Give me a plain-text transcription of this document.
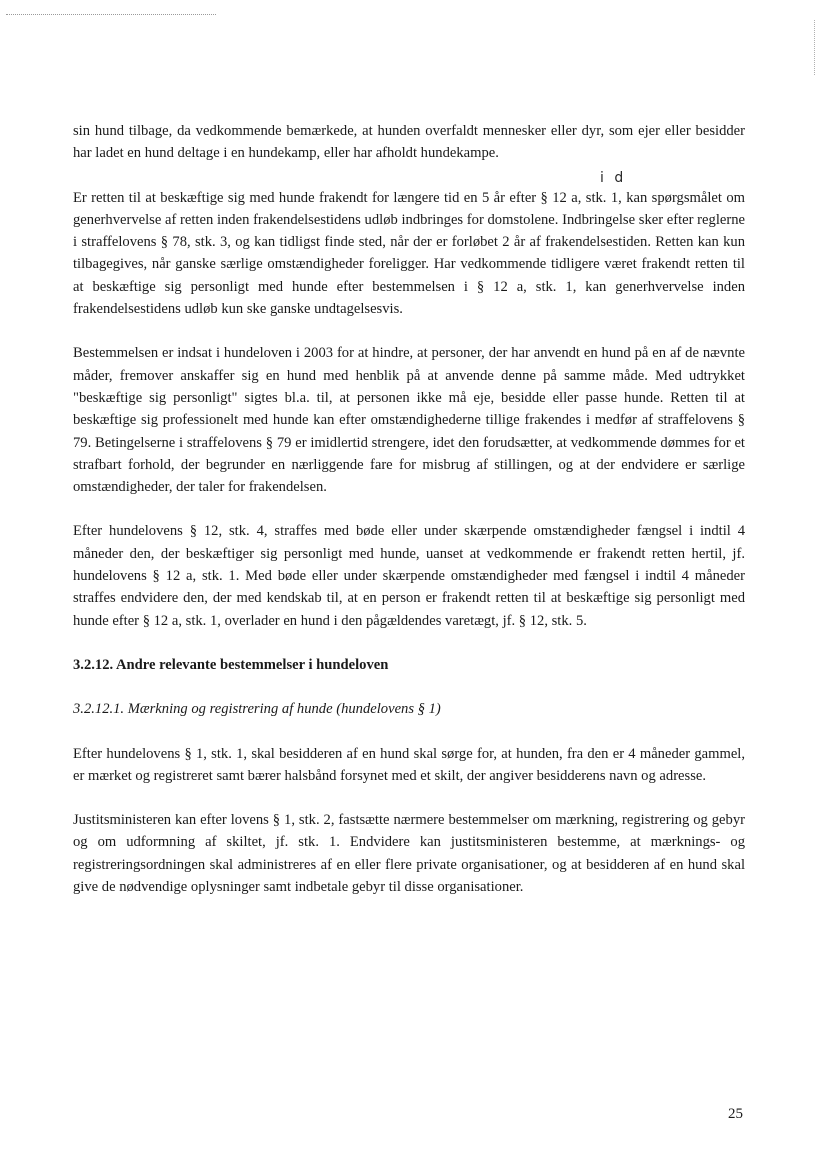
i d

sin hund tilbage, da vedkommende bemærkede, at hunden overfaldt mennesker eller dyr, som ejer eller besidder har ladet en hund deltage i en hundekamp, eller har afholdt hundekampe.

Er retten til at beskæftige sig med hunde frakendt for længere tid en 5 år efter § 12 a, stk. 1, kan spørgsmålet om generhvervelse af retten inden frakendelsestidens udløb indbringes for domstolene. Indbringelse sker efter reglerne i straffelovens § 78, stk. 3, og kan tidligst finde sted, når der er forløbet 2 år af frakendelsestiden. Retten kan kun tilbagegives, når ganske særlige omstændigheder foreligger. Har vedkommende tidligere været frakendt retten til at beskæftige sig personligt med hunde efter bestemmelsen i § 12 a, stk. 1, kan generhvervelse inden frakendelsestidens udløb kun ske ganske undtagelsesvis.

Bestemmelsen er indsat i hundeloven i 2003 for at hindre, at personer, der har anvendt en hund på en af de nævnte måder, fremover anskaffer sig en hund med henblik på at anvende denne på samme måde. Med udtrykket "beskæftige sig personligt" sigtes bl.a. til, at personen ikke må eje, besidde eller passe hunde. Retten til at beskæftige sig professionelt med hunde kan efter omstændighederne tillige frakendes i medfør af straffelovens § 79. Betingelserne i straffelovens § 79 er imidlertid strengere, idet den forudsætter, at vedkommende dømmes for et strafbart forhold, der begrunder en nærliggende fare for misbrug af stillingen, og at der endvidere er særlige omstændigheder, der taler for frakendelsen.

Efter hundelovens § 12, stk. 4, straffes med bøde eller under skærpende omstændigheder fængsel i indtil 4 måneder den, der beskæftiger sig personligt med hunde, uanset at vedkommende er frakendt retten hertil, jf. hundelovens § 12 a, stk. 1. Med bøde eller under skærpende omstændigheder med fængsel i indtil 4 måneder straffes endvidere den, der med kendskab til, at en person er frakendt retten til at beskæftige sig personligt med hunde efter § 12 a, stk. 1, overlader en hund i den pågældendes varetægt, jf. § 12, stk. 5.

3.2.12. Andre relevante bestemmelser i hundeloven

3.2.12.1. Mærkning og registrering af hunde (hundelovens § 1)

Efter hundelovens § 1, stk. 1, skal besidderen af en hund skal sørge for, at hunden, fra den er 4 måneder gammel, er mærket og registreret samt bærer halsbånd forsynet med et skilt, der angiver besidderens navn og adresse.

Justitsministeren kan efter lovens § 1, stk. 2, fastsætte nærmere bestemmelser om mærkning, registrering og gebyr og om udformning af skiltet, jf. stk. 1. Endvidere kan justitsministeren bestemme, at mærknings- og registreringsordningen skal administreres af en eller flere private organisationer, og at besidderen af en hund skal give de nødvendige oplysninger samt indbetale gebyr til disse organisationer.

25
